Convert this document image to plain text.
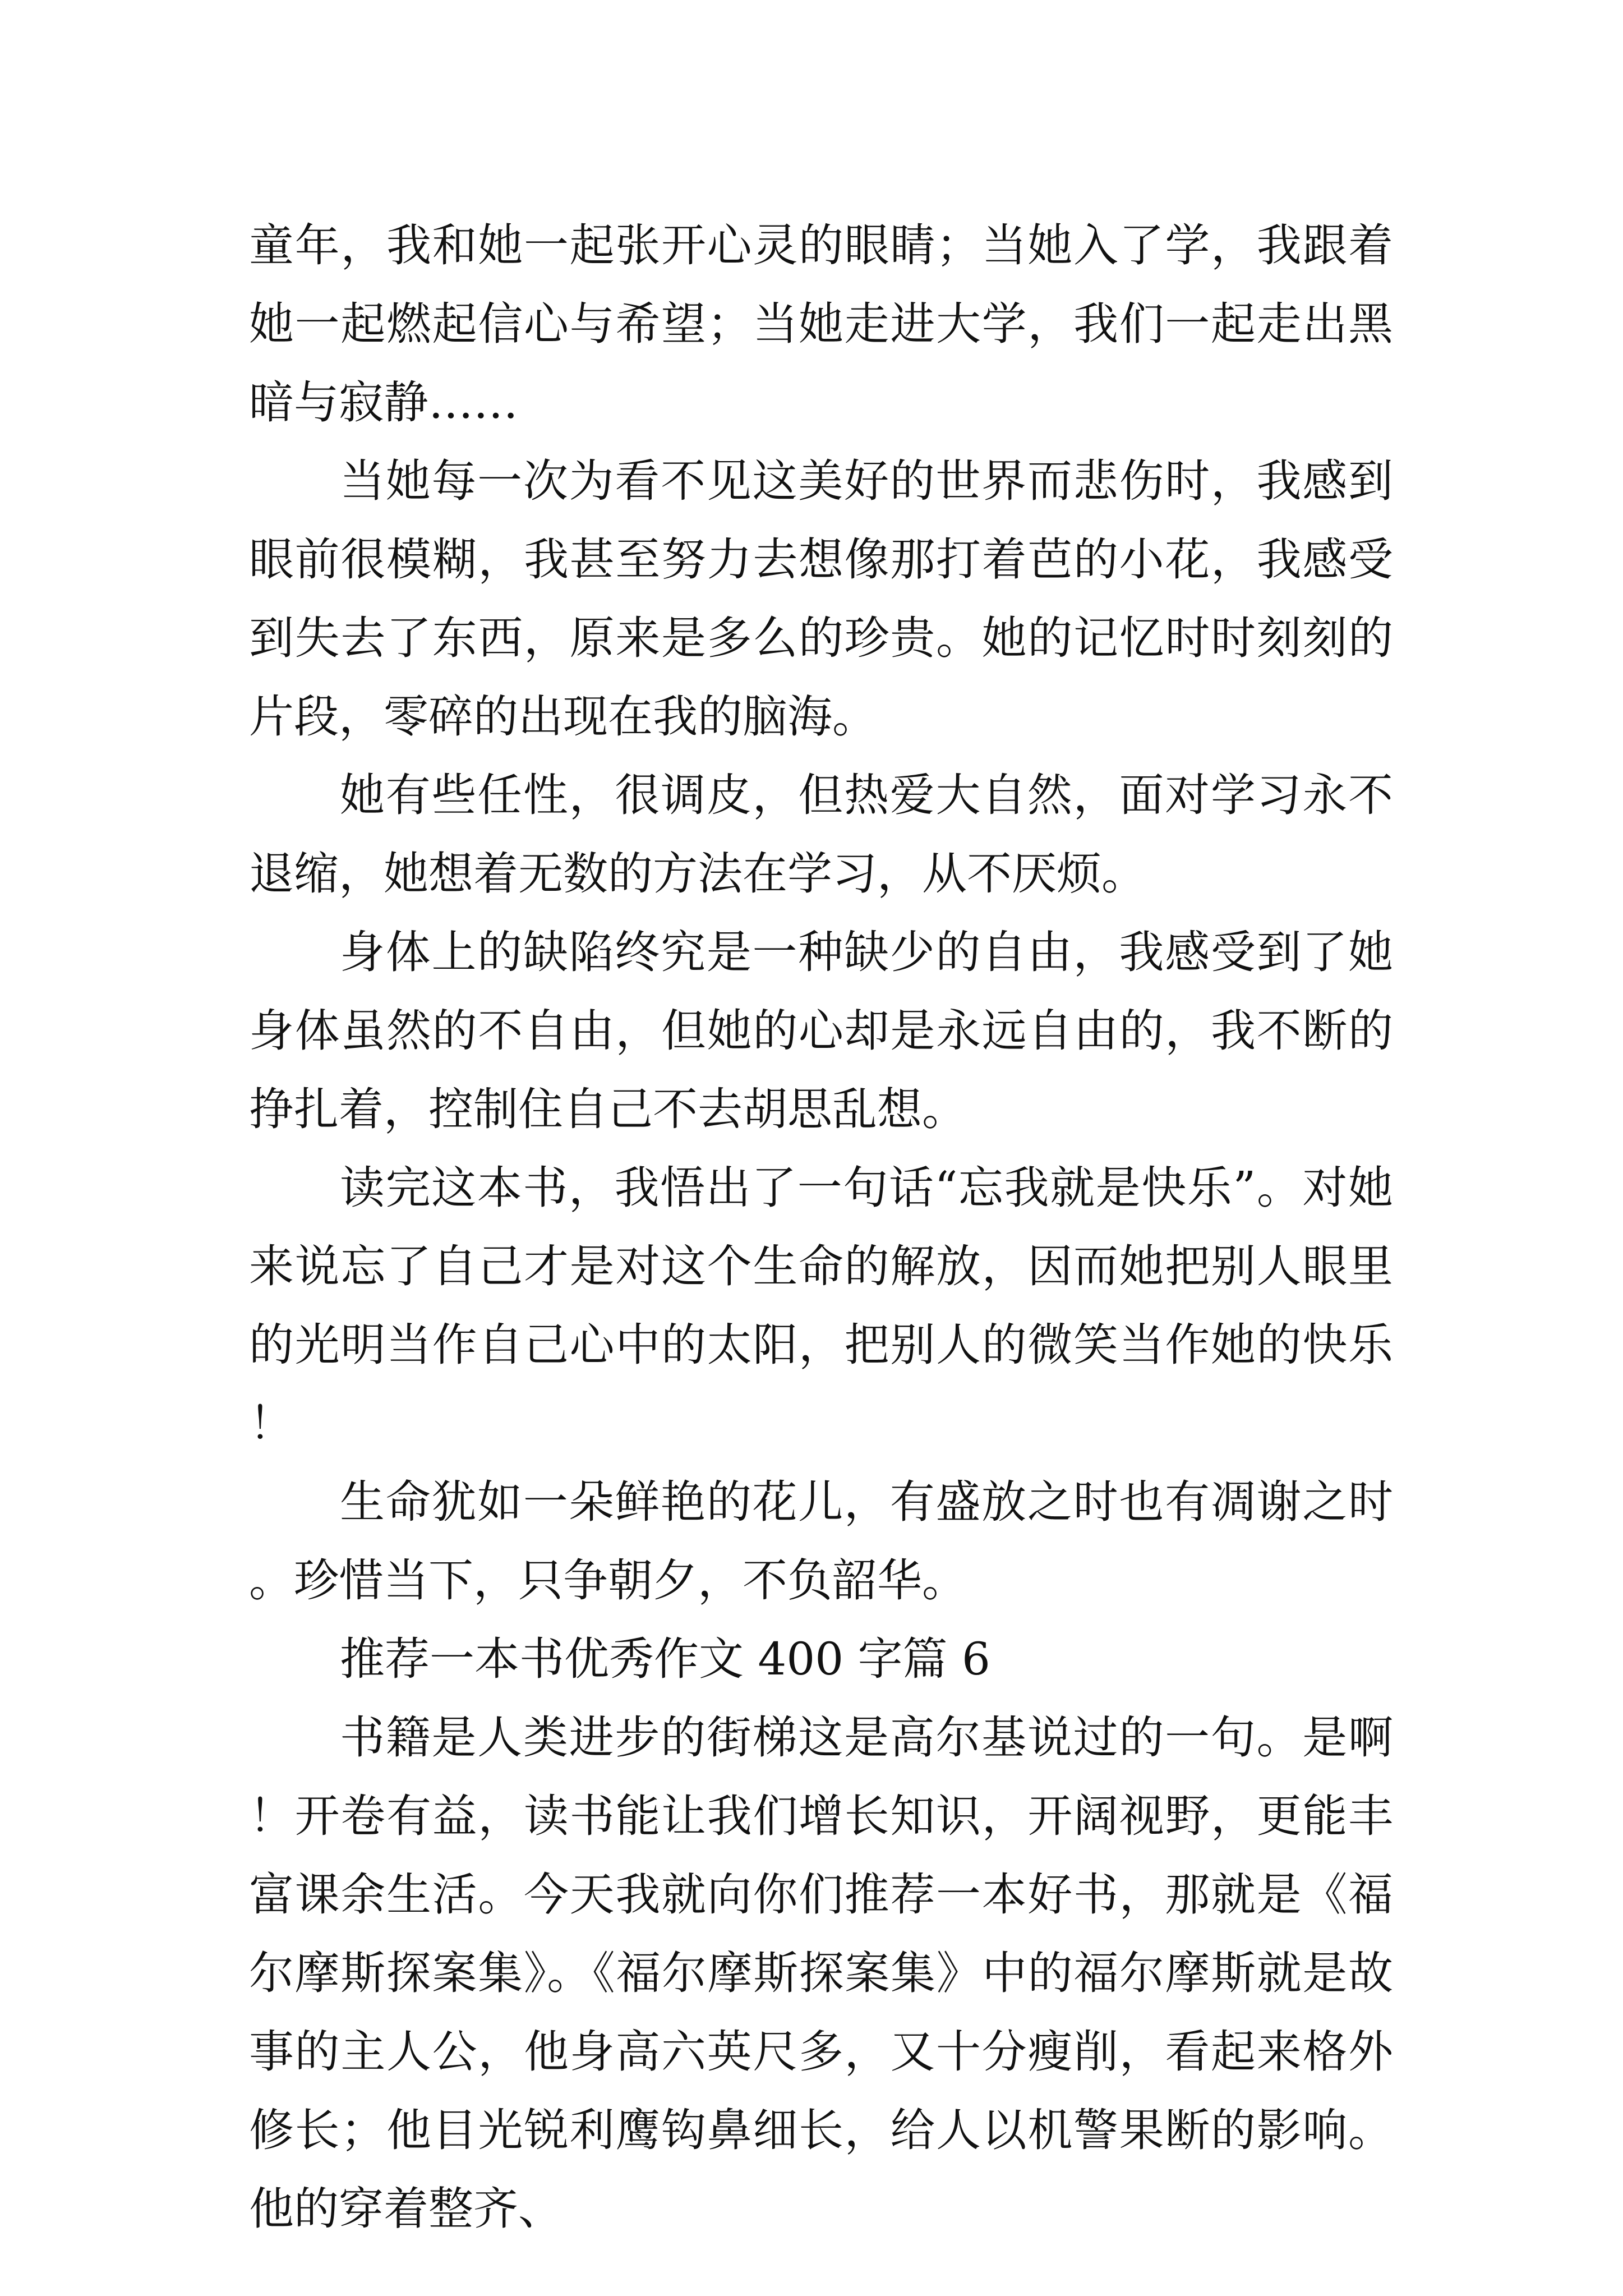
童年，我和她一起张开心灵的眼睛；当她入了学，我跟着她一起燃起信心与希望；当她走进大学，我们一起走出黑暗与寂静……

当她每一次为看不见这美好的世界而悲伤时，我感到眼前很模糊，我甚至努力去想像那打着芭的小花，我感受到失去了东西，原来是多么的珍贵。她的记忆时时刻刻的片段，零碎的出现在我的脑海。

她有些任性，很调皮，但热爱大自然，面对学习永不退缩，她想着无数的方法在学习，从不厌烦。

身体上的缺陷终究是一种缺少的自由，我感受到了她身体虽然的不自由，但她的心却是永远自由的，我不断的挣扎着，控制住自己不去胡思乱想。

读完这本书，我悟出了一句话“忘我就是快乐”。对她来说忘了自己才是对这个生命的解放，因而她把别人眼里的光明当作自己心中的太阳，把别人的微笑当作她的快乐！

生命犹如一朵鲜艳的花儿，有盛放之时也有凋谢之时。珍惜当下，只争朝夕，不负韶华。

推荐一本书优秀作文 400 字篇 6

书籍是人类进步的街梯这是高尔基说过的一句。是啊！开卷有益，读书能让我们增长知识，开阔视野，更能丰富课余生活。今天我就向你们推荐一本好书，那就是《福尔摩斯探案集》。《福尔摩斯探案集》中的福尔摩斯就是故事的主人公，他身高六英尺多，又十分瘦削，看起来格外修长；他目光锐利鹰钩鼻细长，给人以机警果断的影响。他的穿着整齐、
